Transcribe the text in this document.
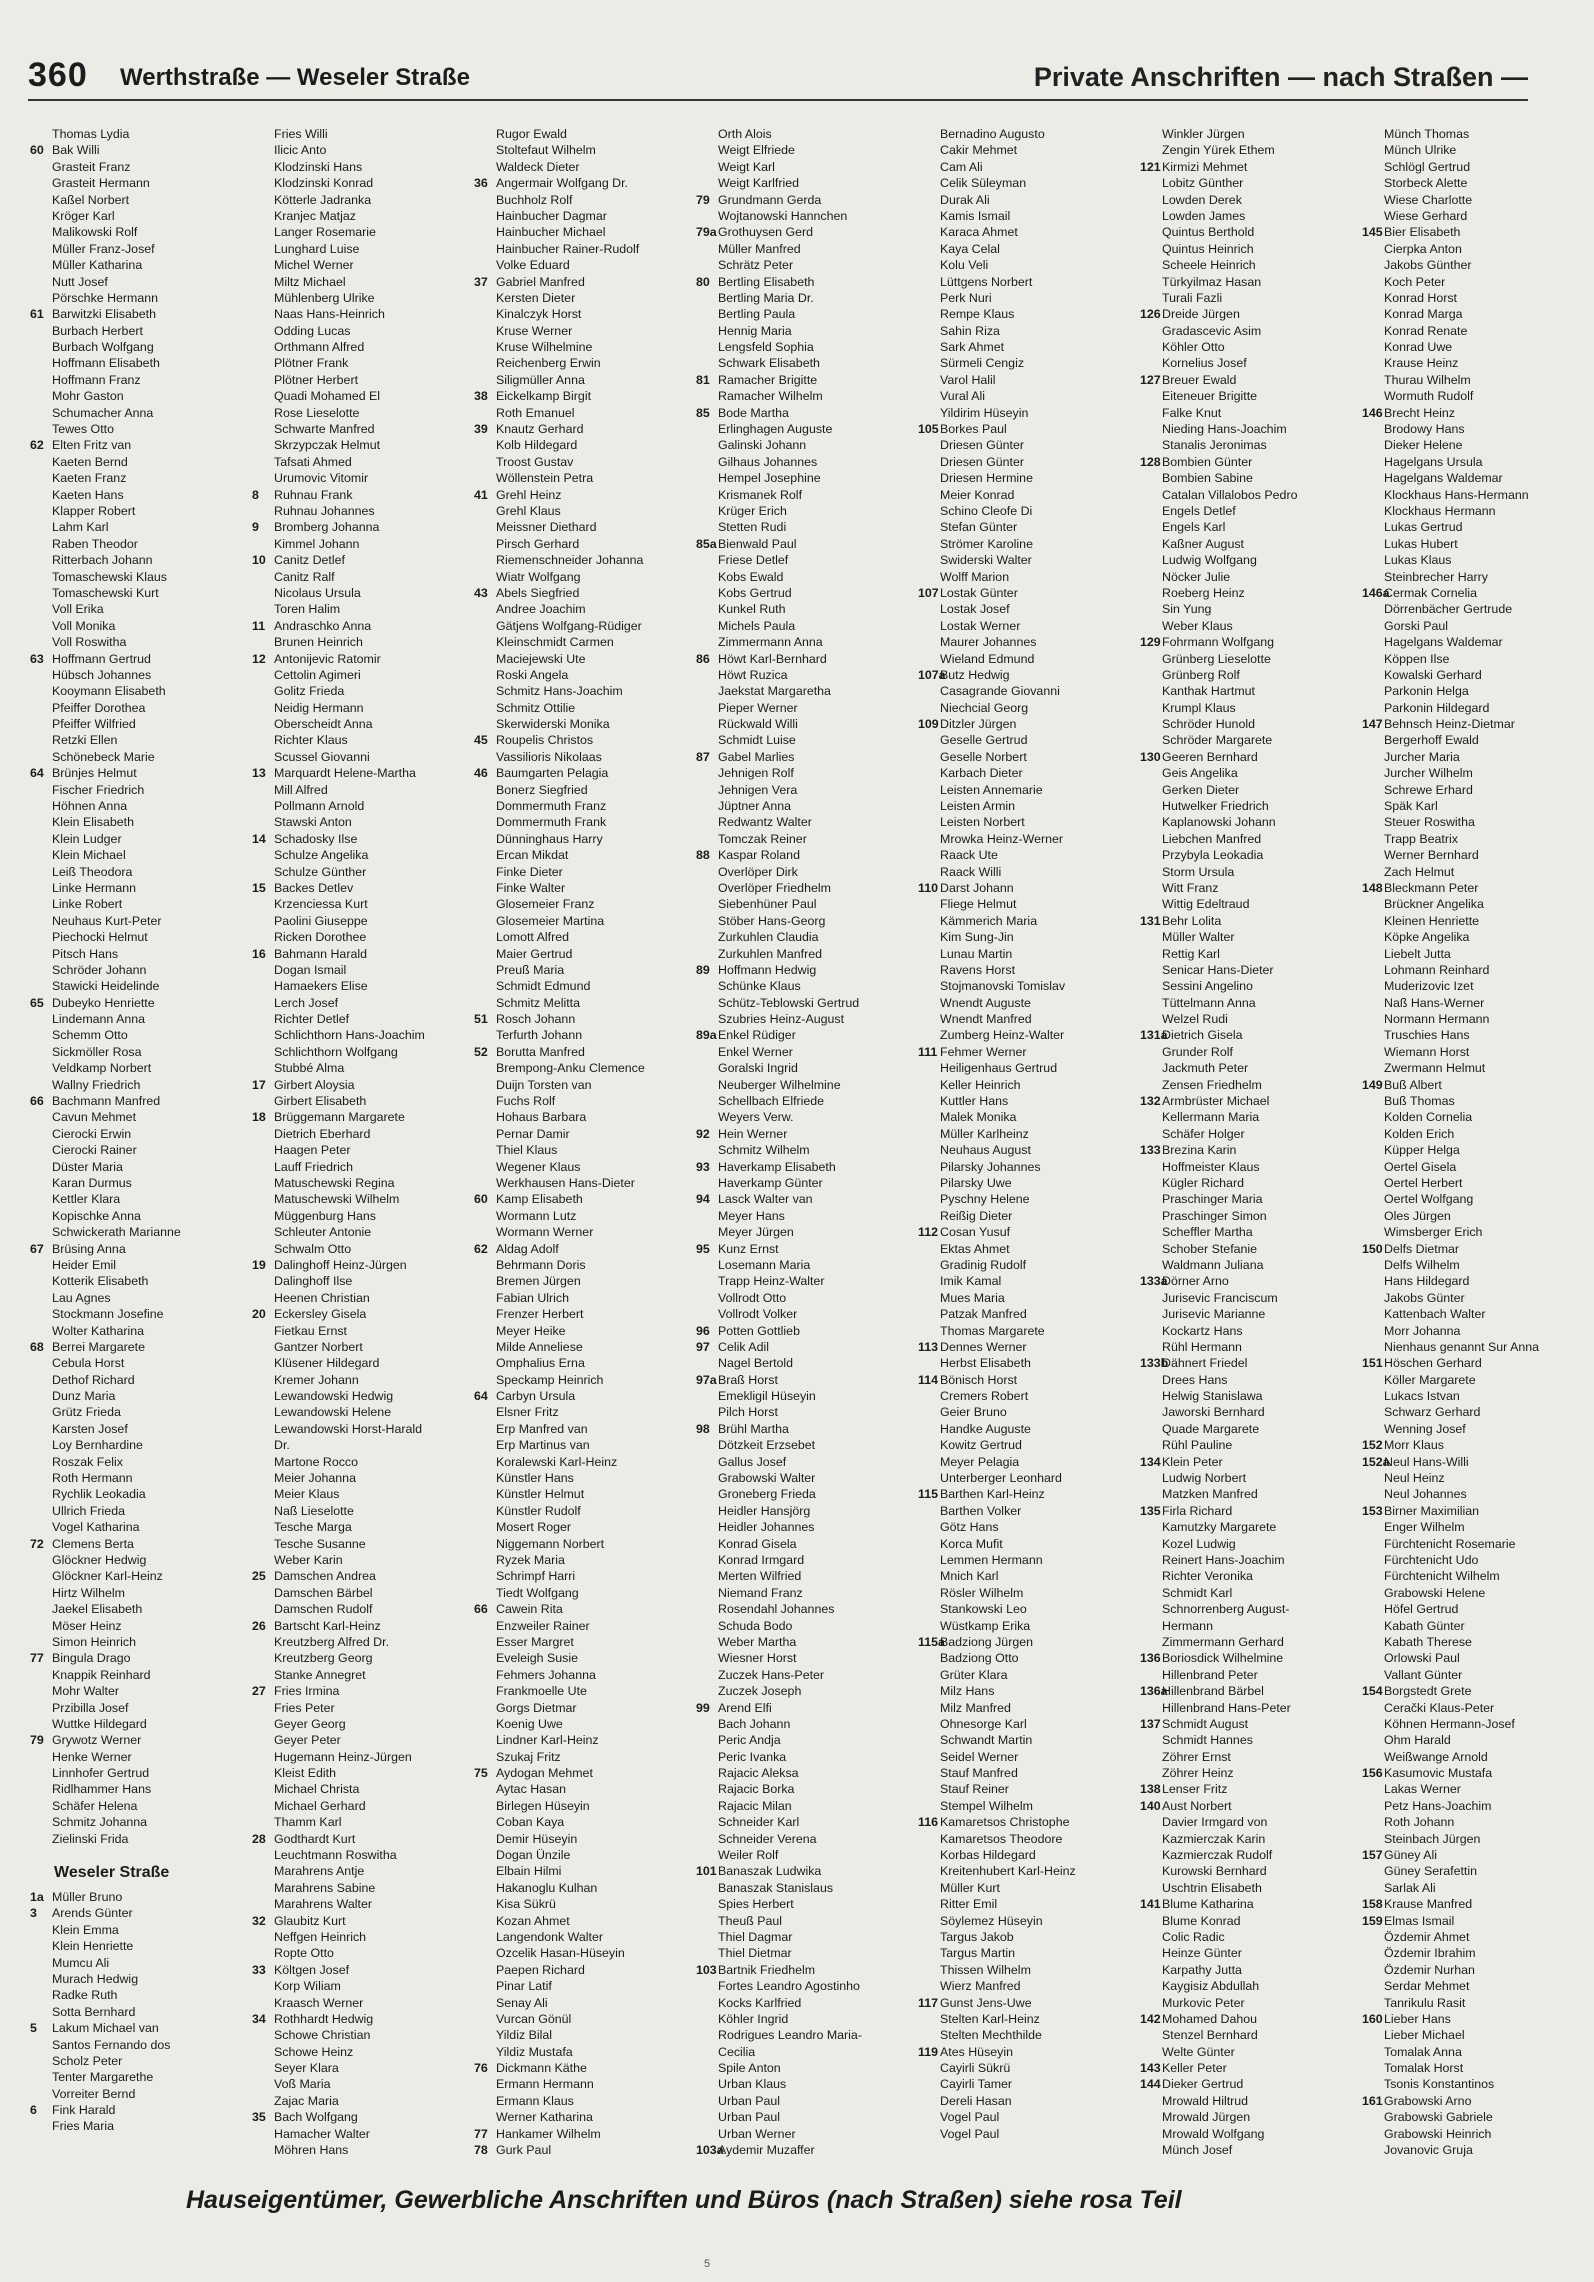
360 Werthstraße — Weseler Straße	Private Anschriften — nach Straßen —
Thomas Lydia
60 Bak Willi
Grasteit Franz
Grasteit Hermann
Kaßel Norbert
Kröger Karl
Malikowski Rolf
Müller Franz-Josef
Müller Katharina
Nutt Josef
Pörschke Hermann
61 Barwitzki Elisabeth
Burbach Herbert
Burbach Wolfgang
Hoffmann Elisabeth
Hoffmann Franz
Mohr Gaston
Schumacher Anna
Tewes Otto
62 Elten Fritz van
Kaeten Bernd
Kaeten Franz
Kaeten Hans
Klapper Robert
Lahm Karl
Raben Theodor
Ritterbach Johann
Tomaschewski Klaus
Tomaschewski Kurt
Voll Erika
Voll Monika
Voll Roswitha
63 Hoffmann Gertrud
Hübsch Johannes
Kooymann Elisabeth
Pfeiffer Dorothea
Pfeiffer Wilfried
Retzki Ellen
Schönebeck Marie
64 Brünjes Helmut
Fischer Friedrich
Höhnen Anna
Klein Elisabeth
Klein Ludger
Klein Michael
Leiß Theodora
Linke Hermann
Linke Robert
Neuhaus Kurt-Peter
Piechocki Helmut
Pitsch Hans
Schröder Johann
Stawicki Heidelinde
65 Dubeyko Henriette
Lindemann Anna
Schemm Otto
Sickmöller Rosa
Veldkamp Norbert
Wallny Friedrich
66 Bachmann Manfred
Cavun Mehmet
Cierocki Erwin
Cierocki Rainer
Düster Maria
Karan Durmus
Kettler Klara
Kopischke Anna
Schwickerath Marianne
67 Brüsing Anna
Heider Emil
Kotterik Elisabeth
Lau Agnes
Stockmann Josefine
Wolter Katharina
68 Berrei Margarete
Cebula Horst
Dethof Richard
Dunz Maria
Grütz Frieda
Karsten Josef
Loy Bernhardine
Roszak Felix
Roth Hermann
Rychlik Leokadia
Ullrich Frieda
Vogel Katharina
72 Clemens Berta
Glöckner Hedwig
Glöckner Karl-Heinz
Hirtz Wilhelm
Jaekel Elisabeth
Möser Heinz
Simon Heinrich
77 Bingula Drago
Knappik Reinhard
Mohr Walter
Przibilla Josef
Wuttke Hildegard
79 Grywotz Werner
Henke Werner
Linnhofer Gertrud
Ridlhammer Hans
Schäfer Helena
Schmitz Johanna
Zielinski Frida
Weseler Straße
1a Müller Bruno
3 Arends Günter
Klein Emma
Klein Henriette
Mumcu Ali
Murach Hedwig
Radke Ruth
Sotta Bernhard
5 Lakum Michael van
Santos Fernando dos
Scholz Peter
Tenter Margarethe
Vorreiter Bernd
6 Fink Harald
Fries Maria
Fries Willi
Ilicic Anto
Klodzinski Hans
Klodzinski Konrad
Kötterle Jadranka
Kranjec Matjaz
Langer Rosemarie
Lunghard Luise
Michel Werner
Miltz Michael
Mühlenberg Ulrike
Naas Hans-Heinrich
Odding Lucas
Orthmann Alfred
Plötner Frank
Plötner Herbert
Quadi Mohamed El
Rose Lieselotte
Schwarte Manfred
Skrzypczak Helmut
Tafsati Ahmed
Urumovic Vitomir
8 Ruhnau Frank
Ruhnau Johannes
9 Bromberg Johanna
Kimmel Johann
10 Canitz Detlef
Canitz Ralf
Nicolaus Ursula
Toren Halim
11 Andraschko Anna
Brunen Heinrich
12 Antonijevic Ratomir
Cettolin Agimeri
Golitz Frieda
Neidig Hermann
Oberscheidt Anna
Richter Klaus
Scussel Giovanni
13 Marquardt Helene-Martha
Mill Alfred
Pollmann Arnold
Stawski Anton
14 Schadosky Ilse
Schulze Angelika
Schulze Günther
15 Backes Detlev
Krzenciessa Kurt
Paolini Giuseppe
Ricken Dorothee
16 Bahmann Harald
Dogan Ismail
Hamaekers Elise
Lerch Josef
Richter Detlef
Schlichthorn Hans-Joachim
Schlichthorn Wolfgang
Stubbé Alma
17 Girbert Aloysia
Girbert Elisabeth
18 Brüggemann Margarete
Dietrich Eberhard
Haagen Peter
Lauff Friedrich
Matuschewski Regina
Matuschewski Wilhelm
Müggenburg Hans
Schleuter Antonie
Schwalm Otto
19 Dalinghoff Heinz-Jürgen
Dalinghoff Ilse
Heenen Christian
20 Eckersley Gisela
Fietkau Ernst
Gantzer Norbert
Klüsener Hildegard
Kremer Johann
Lewandowski Hedwig
Lewandowski Helene
Lewandowski Horst-Harald
Dr.
Martone Rocco
Meier Johanna
Meier Klaus
Naß Lieselotte
Tesche Marga
Tesche Susanne
Weber Karin
25 Damschen Andrea
Damschen Bärbel
Damschen Rudolf
26 Bartscht Karl-Heinz
Kreutzberg Alfred Dr.
Kreutzberg Georg
Stanke Annegret
27 Fries Irmina
Fries Peter
Geyer Georg
Geyer Peter
Hugemann Heinz-Jürgen
Kleist Edith
Michael Christa
Michael Gerhard
Thamm Karl
28 Godthardt Kurt
Leuchtmann Roswitha
Marahrens Antje
Marahrens Sabine
Marahrens Walter
32 Glaubitz Kurt
Neffgen Heinrich
Ropte Otto
33 Költgen Josef
Korp Wiliam
Kraasch Werner
34 Rothhardt Hedwig
Schowe Christian
Schowe Heinz
Seyer Klara
Voß Maria
Zajac Maria
35 Bach Wolfgang
Hamacher Walter
Möhren Hans
Rugor Ewald
Stoltefaut Wilhelm
Waldeck Dieter
36 Angermair Wolfgang Dr.
Buchholz Rolf
Hainbucher Dagmar
Hainbucher Michael
Hainbucher Rainer-Rudolf
Volke Eduard
37 Gabriel Manfred
Kersten Dieter
Kinalczyk Horst
Kruse Werner
Kruse Wilhelmine
Reichenberg Erwin
Siligmüller Anna
38 Eickelkamp Birgit
Roth Emanuel
39 Knautz Gerhard
Kolb Hildegard
Troost Gustav
Wöllenstein Petra
41 Grehl Heinz
Grehl Klaus
Meissner Diethard
Pirsch Gerhard
Riemenschneider Johanna
Wiatr Wolfgang
43 Abels Siegfried
Andree Joachim
Gätjens Wolfgang-Rüdiger
Kleinschmidt Carmen
Maciejewski Ute
Roski Angela
Schmitz Hans-Joachim
Schmitz Ottilie
Skerwiderski Monika
45 Roupelis Christos
Vassilioris Nikolaas
46 Baumgarten Pelagia
Bonerz Siegfried
Dommermuth Franz
Dommermuth Frank
Dünninghaus Harry
Ercan Mikdat
Finke Dieter
Finke Walter
Glosemeier Franz
Glosemeier Martina
Lomott Alfred
Maier Gertrud
Preuß Maria
Schmidt Edmund
Schmitz Melitta
51 Rosch Johann
Terfurth Johann
52 Borutta Manfred
Brempong-Anku Clemence
Duijn Torsten van
Fuchs Rolf
Hohaus Barbara
Pernar Damir
Thiel Klaus
Wegener Klaus
Werkhausen Hans-Dieter
60 Kamp Elisabeth
Wormann Lutz
Wormann Werner
62 Aldag Adolf
Behrmann Doris
Bremen Jürgen
Fabian Ulrich
Frenzer Herbert
Meyer Heike
Milde Anneliese
Omphalius Erna
Speckamp Heinrich
64 Carbyn Ursula
Elsner Fritz
Erp Manfred van
Erp Martinus van
Koralewski Karl-Heinz
Künstler Hans
Künstler Helmut
Künstler Rudolf
Mosert Roger
Niggemann Norbert
Ryzek Maria
Schrimpf Harri
Tiedt Wolfgang
66 Cawein Rita
Enzweiler Rainer
Esser Margret
Eveleigh Susie
Fehmers Johanna
Frankmoelle Ute
Gorgs Dietmar
Koenig Uwe
Lindner Karl-Heinz
Szukaj Fritz
75 Aydogan Mehmet
Aytac Hasan
Birlegen Hüseyin
Coban Kaya
Demir Hüseyin
Dogan Ünzile
Elbain Hilmi
Hakanoglu Kulhan
Kisa Sükrü
Kozan Ahmet
Langendonk Walter
Ozcelik Hasan-Hüseyin
Paepen Richard
Pinar Latif
Senay Ali
Vurcan Gönül
Yildiz Bilal
Yildiz Mustafa
76 Dickmann Käthe
Ermann Hermann
Ermann Klaus
Werner Katharina
77 Hankamer Wilhelm
78 Gurk Paul
Orth Alois
Weigt Elfriede
Weigt Karl
Weigt Karlfried
79 Grundmann Gerda
Wojtanowski Hannchen
79aGrothuysen Gerd
Müller Manfred
Schrätz Peter
80 Bertling Elisabeth
Bertling Maria Dr.
Bertling Paula
Hennig Maria
Lengsfeld Sophia
Schwark Elisabeth
81 Ramacher Brigitte
Ramacher Wilhelm
85 Bode Martha
Erlinghagen Auguste
Galinski Johann
Gilhaus Johannes
Hempel Josephine
Krismanek Rolf
Krüger Erich
Stetten Rudi
85aBienwald Paul
Friese Detlef
Kobs Ewald
Kobs Gertrud
Kunkel Ruth
Michels Paula
Zimmermann Anna
86 Höwt Karl-Bernhard
Höwt Ruzica
Jaekstat Margaretha
Pieper Werner
Rückwald Willi
Schmidt Luise
87 Gabel Marlies
Jehnigen Rolf
Jehnigen Vera
Jüptner Anna
Redwantz Walter
Tomczak Reiner
88 Kaspar Roland
Overlöper Dirk
Overlöper Friedhelm
Siebenhüner Paul
Stöber Hans-Georg
Zurkuhlen Claudia
Zurkuhlen Manfred
89 Hoffmann Hedwig
Schünke Klaus
Schütz-Teblowski Gertrud
Szubries Heinz-August
89aEnkel Rüdiger
Enkel Werner
Goralski Ingrid
Neuberger Wilhelmine
Schellbach Elfriede
Weyers Verw.
92 Hein Werner
Schmitz Wilhelm
93 Haverkamp Elisabeth
Haverkamp Günter
94 Lasck Walter van
Meyer Hans
Meyer Jürgen
95 Kunz Ernst
Losemann Maria
Trapp Heinz-Walter
Vollrodt Otto
Vollrodt Volker
96 Potten Gottlieb
97 Celik Adil
Nagel Bertold
97aBraß Horst
Emekligil Hüseyin
Pilch Horst
98 Brühl Martha
Dötzkeit Erzsebet
Gallus Josef
Grabowski Walter
Groneberg Frieda
Heidler Hansjörg
Heidler Johannes
Konrad Gisela
Konrad Irmgard
Merten Wilfried
Niemand Franz
Rosendahl Johannes
Schuda Bodo
Weber Martha
Wiesner Horst
Zuczek Hans-Peter
Zuczek Joseph
99 Arend Elfi
Bach Johann
Peric Andja
Peric Ivanka
Rajacic Aleksa
Rajacic Borka
Rajacic Milan
Schneider Karl
Schneider Verena
Weiler Rolf
101Banaszak Ludwika
Banaszak Stanislaus
Spies Herbert
Theuß Paul
Thiel Dagmar
Thiel Dietmar
103Bartnik Friedhelm
Fortes Leandro Agostinho
Kocks Karlfried
Köhler Ingrid
Rodrigues Leandro Maria-
Cecilia
Spile Anton
Urban Klaus
Urban Paul
Urban Paul
Urban Werner
103aAydemir Muzaffer
Bernadino Augusto
Cakir Mehmet
Cam Ali
Celik Süleyman
Durak Ali
Kamis Ismail
Karaca Ahmet
Kaya Celal
Kolu Veli
Lüttgens Norbert
Perk Nuri
Rempe Klaus
Sahin Riza
Sark Ahmet
Sürmeli Cengiz
Varol Halil
Vural Ali
Yildirim Hüseyin
105Borkes Paul
Driesen Günter
Driesen Günter
Driesen Hermine
Meier Konrad
Schino Cleofe Di
Stefan Günter
Strömer Karoline
Swiderski Walter
Wolff Marion
107Lostak Günter
Lostak Josef
Lostak Werner
Maurer Johannes
Wieland Edmund
107aButz Hedwig
Casagrande Giovanni
Niechcial Georg
109Ditzler Jürgen
Geselle Gertrud
Geselle Norbert
Karbach Dieter
Leisten Annemarie
Leisten Armin
Leisten Norbert
Mrowka Heinz-Werner
Raack Ute
Raack Willi
110 Darst Johann
Fliege Helmut
Kämmerich Maria
Kim Sung-Jin
Lunau Martin
Ravens Horst
Stojmanovski Tomislav
Wnendt Auguste
Wnendt Manfred
Zumberg Heinz-Walter
111 Fehmer Werner
Heiligenhaus Gertrud
Keller Heinrich
Kuttler Hans
Malek Monika
Müller Karlheinz
Neuhaus August
Pilarsky Johannes
Pilarsky Uwe
Pyschny Helene
Reißig Dieter
112 Cosan Yusuf
Ektas Ahmet
Gradinig Rudolf
Imik Kamal
Mues Maria
Patzak Manfred
Thomas Margarete
113 Dennes Werner
Herbst Elisabeth
114 Bönisch Horst
Cremers Robert
Geier Bruno
Handke Auguste
Kowitz Gertrud
Meyer Pelagia
Unterberger Leonhard
115 Barthen Karl-Heinz
Barthen Volker
Götz Hans
Korca Mufit
Lemmen Hermann
Mnich Karl
Rösler Wilhelm
Stankowski Leo
Wüstkamp Erika
115aBadziong Jürgen
Badziong Otto
Grüter Klara
Milz Hans
Milz Manfred
Ohnesorge Karl
Schwandt Martin
Seidel Werner
Stauf Manfred
Stauf Reiner
Stempel Wilhelm
116 Kamaretsos Christophe
Kamaretsos Theodore
Korbas Hildegard
Kreitenhubert Karl-Heinz
Müller Kurt
Ritter Emil
Söylemez Hüseyin
Targus Jakob
Targus Martin
Thissen Wilhelm
Wierz Manfred
117 Gunst Jens-Uwe
Stelten Karl-Heinz
Stelten Mechthilde
119 Ates Hüseyin
Cayirli Sükrü
Cayirli Tamer
Dereli Hasan
Vogel Paul
Vogel Paul
Winkler Jürgen
Zengin Yürek Ethem
121Kirmizi Mehmet
Lobitz Günther
Lowden Derek
Lowden James
Quintus Berthold
Quintus Heinrich
Scheele Heinrich
Türkyilmaz Hasan
Turali Fazli
126Dreide Jürgen
Gradascevic Asim
Köhler Otto
Kornelius Josef
127Breuer Ewald
Eiteneuer Brigitte
Falke Knut
Nieding Hans-Joachim
Stanalis Jeronimas
128Bombien Günter
Bombien Sabine
Catalan Villalobos Pedro
Engels Detlef
Engels Karl
Kaßner August
Ludwig Wolfgang
Nöcker Julie
Roeberg Heinz
Sin Yung
Weber Klaus
129Fohrmann Wolfgang
Grünberg Lieselotte
Grünberg Rolf
Kanthak Hartmut
Krumpl Klaus
Schröder Hunold
Schröder Margarete
130Geeren Bernhard
Geis Angelika
Gerken Dieter
Hutwelker Friedrich
Kaplanowski Johann
Liebchen Manfred
Przybyla Leokadia
Storm Ursula
Witt Franz
Wittig Edeltraud
131Behr Lolita
Müller Walter
Rettig Karl
Senicar Hans-Dieter
Sessini Angelino
Tüttelmann Anna
Welzel Rudi
131aDietrich Gisela
Grunder Rolf
Jackmuth Peter
Zensen Friedhelm
132Armbrüster Michael
Kellermann Maria
Schäfer Holger
133Brezina Karin
Hoffmeister Klaus
Kügler Richard
Praschinger Maria
Praschinger Simon
Scheffler Martha
Schober Stefanie
Waldmann Juliana
133aDörner Arno
Jurisevic Franciscum
Jurisevic Marianne
Kockartz Hans
Rühl Hermann
133bDähnert Friedel
Drees Hans
Helwig Stanislawa
Jaworski Bernhard
Quade Margarete
Rühl Pauline
134Klein Peter
Ludwig Norbert
Matzken Manfred
135Firla Richard
Kamutzky Margarete
Kozel Ludwig
Reinert Hans-Joachim
Richter Veronika
Schmidt Karl
Schnorrenberg August-
Hermann
Zimmermann Gerhard
136Boriosdick Wilhelmine
Hillenbrand Peter
136aHillenbrand Bärbel
Hillenbrand Hans-Peter
137Schmidt August
Schmidt Hannes
Zöhrer Ernst
Zöhrer Heinz
138Lenser Fritz
140Aust Norbert
Davier Irmgard von
Kazmierczak Karin
Kazmierczak Rudolf
Kurowski Bernhard
Uschtrin Elisabeth
141Blume Katharina
Blume Konrad
Colic Radic
Heinze Günter
Karpathy Jutta
Kaygisiz Abdullah
Murkovic Peter
142Mohamed Dahou
Stenzel Bernhard
Welte Günter
143Keller Peter
144Dieker Gertrud
Mrowald Hiltrud
Mrowald Jürgen
Mrowald Wolfgang
Münch Josef
Münch Thomas
Münch Ulrike
Schlögl Gertrud
Storbeck Alette
Wiese Charlotte
Wiese Gerhard
145Bier Elisabeth
Cierpka Anton
Jakobs Günther
Koch Peter
Konrad Horst
Konrad Marga
Konrad Renate
Konrad Uwe
Krause Heinz
Thurau Wilhelm
Wormuth Rudolf
146Brecht Heinz
Brodowy Hans
Dieker Helene
Hagelgans Ursula
Hagelgans Waldemar
Klockhaus Hans-Hermann
Klockhaus Hermann
Lukas Gertrud
Lukas Hubert
Lukas Klaus
Steinbrecher Harry
146aCermak Cornelia
Dörrenbächer Gertrude
Gorski Paul
Hagelgans Waldemar
Köppen Ilse
Kowalski Gerhard
Parkonin Helga
Parkonin Hildegard
147Behnsch Heinz-Dietmar
Bergerhoff Ewald
Jurcher Maria
Jurcher Wilhelm
Schrewe Erhard
Späk Karl
Steuer Roswitha
Trapp Beatrix
Werner Bernhard
Zach Helmut
148Bleckmann Peter
Brückner Angelika
Kleinen Henriette
Köpke Angelika
Liebelt Jutta
Lohmann Reinhard
Muderizovic Izet
Naß Hans-Werner
Normann Hermann
Truschies Hans
Wiemann Horst
Zwermann Helmut
149Buß Albert
Buß Thomas
Kolden Cornelia
Kolden Erich
Küpper Helga
Oertel Gisela
Oertel Herbert
Oertel Wolfgang
Oles Jürgen
Wimsberger Erich
150Delfs Dietmar
Delfs Wilhelm
Hans Hildegard
Jakobs Günter
Kattenbach Walter
Morr Johanna
Nienhaus genannt Sur Anna
151Höschen Gerhard
Köller Margarete
Lukacs Istvan
Schwarz Gerhard
Wenning Josef
152Morr Klaus
152aNeul Hans-Willi
Neul Heinz
Neul Johannes
153Birner Maximilian
Enger Wilhelm
Fürchtenicht Rosemarie
Fürchtenicht Udo
Fürchtenicht Wilhelm
Grabowski Helene
Höfel Gertrud
Kabath Günter
Kabath Therese
Orlowski Paul
Vallant Günter
154Borgstedt Grete
Cerački Klaus-Peter
Köhnen Hermann-Josef
Ohm Harald
Weißwange Arnold
156Kasumovic Mustafa
Lakas Werner
Petz Hans-Joachim
Roth Johann
Steinbach Jürgen
157Güney Ali
Güney Serafettin
Sarlak Ali
158Krause Manfred
159Elmas Ismail
Özdemir Ahmet
Özdemir Ibrahim
Özdemir Nurhan
Serdar Mehmet
Tanrikulu Rasit
160Lieber Hans
Lieber Michael
Tomalak Anna
Tomalak Horst
Tsonis Konstantinos
161Grabowski Arno
Grabowski Gabriele
Grabowski Heinrich
Jovanovic Gruja
Hauseigentümer, Gewerbliche Anschriften und Büros (nach Straßen) siehe rosa Teil
5
